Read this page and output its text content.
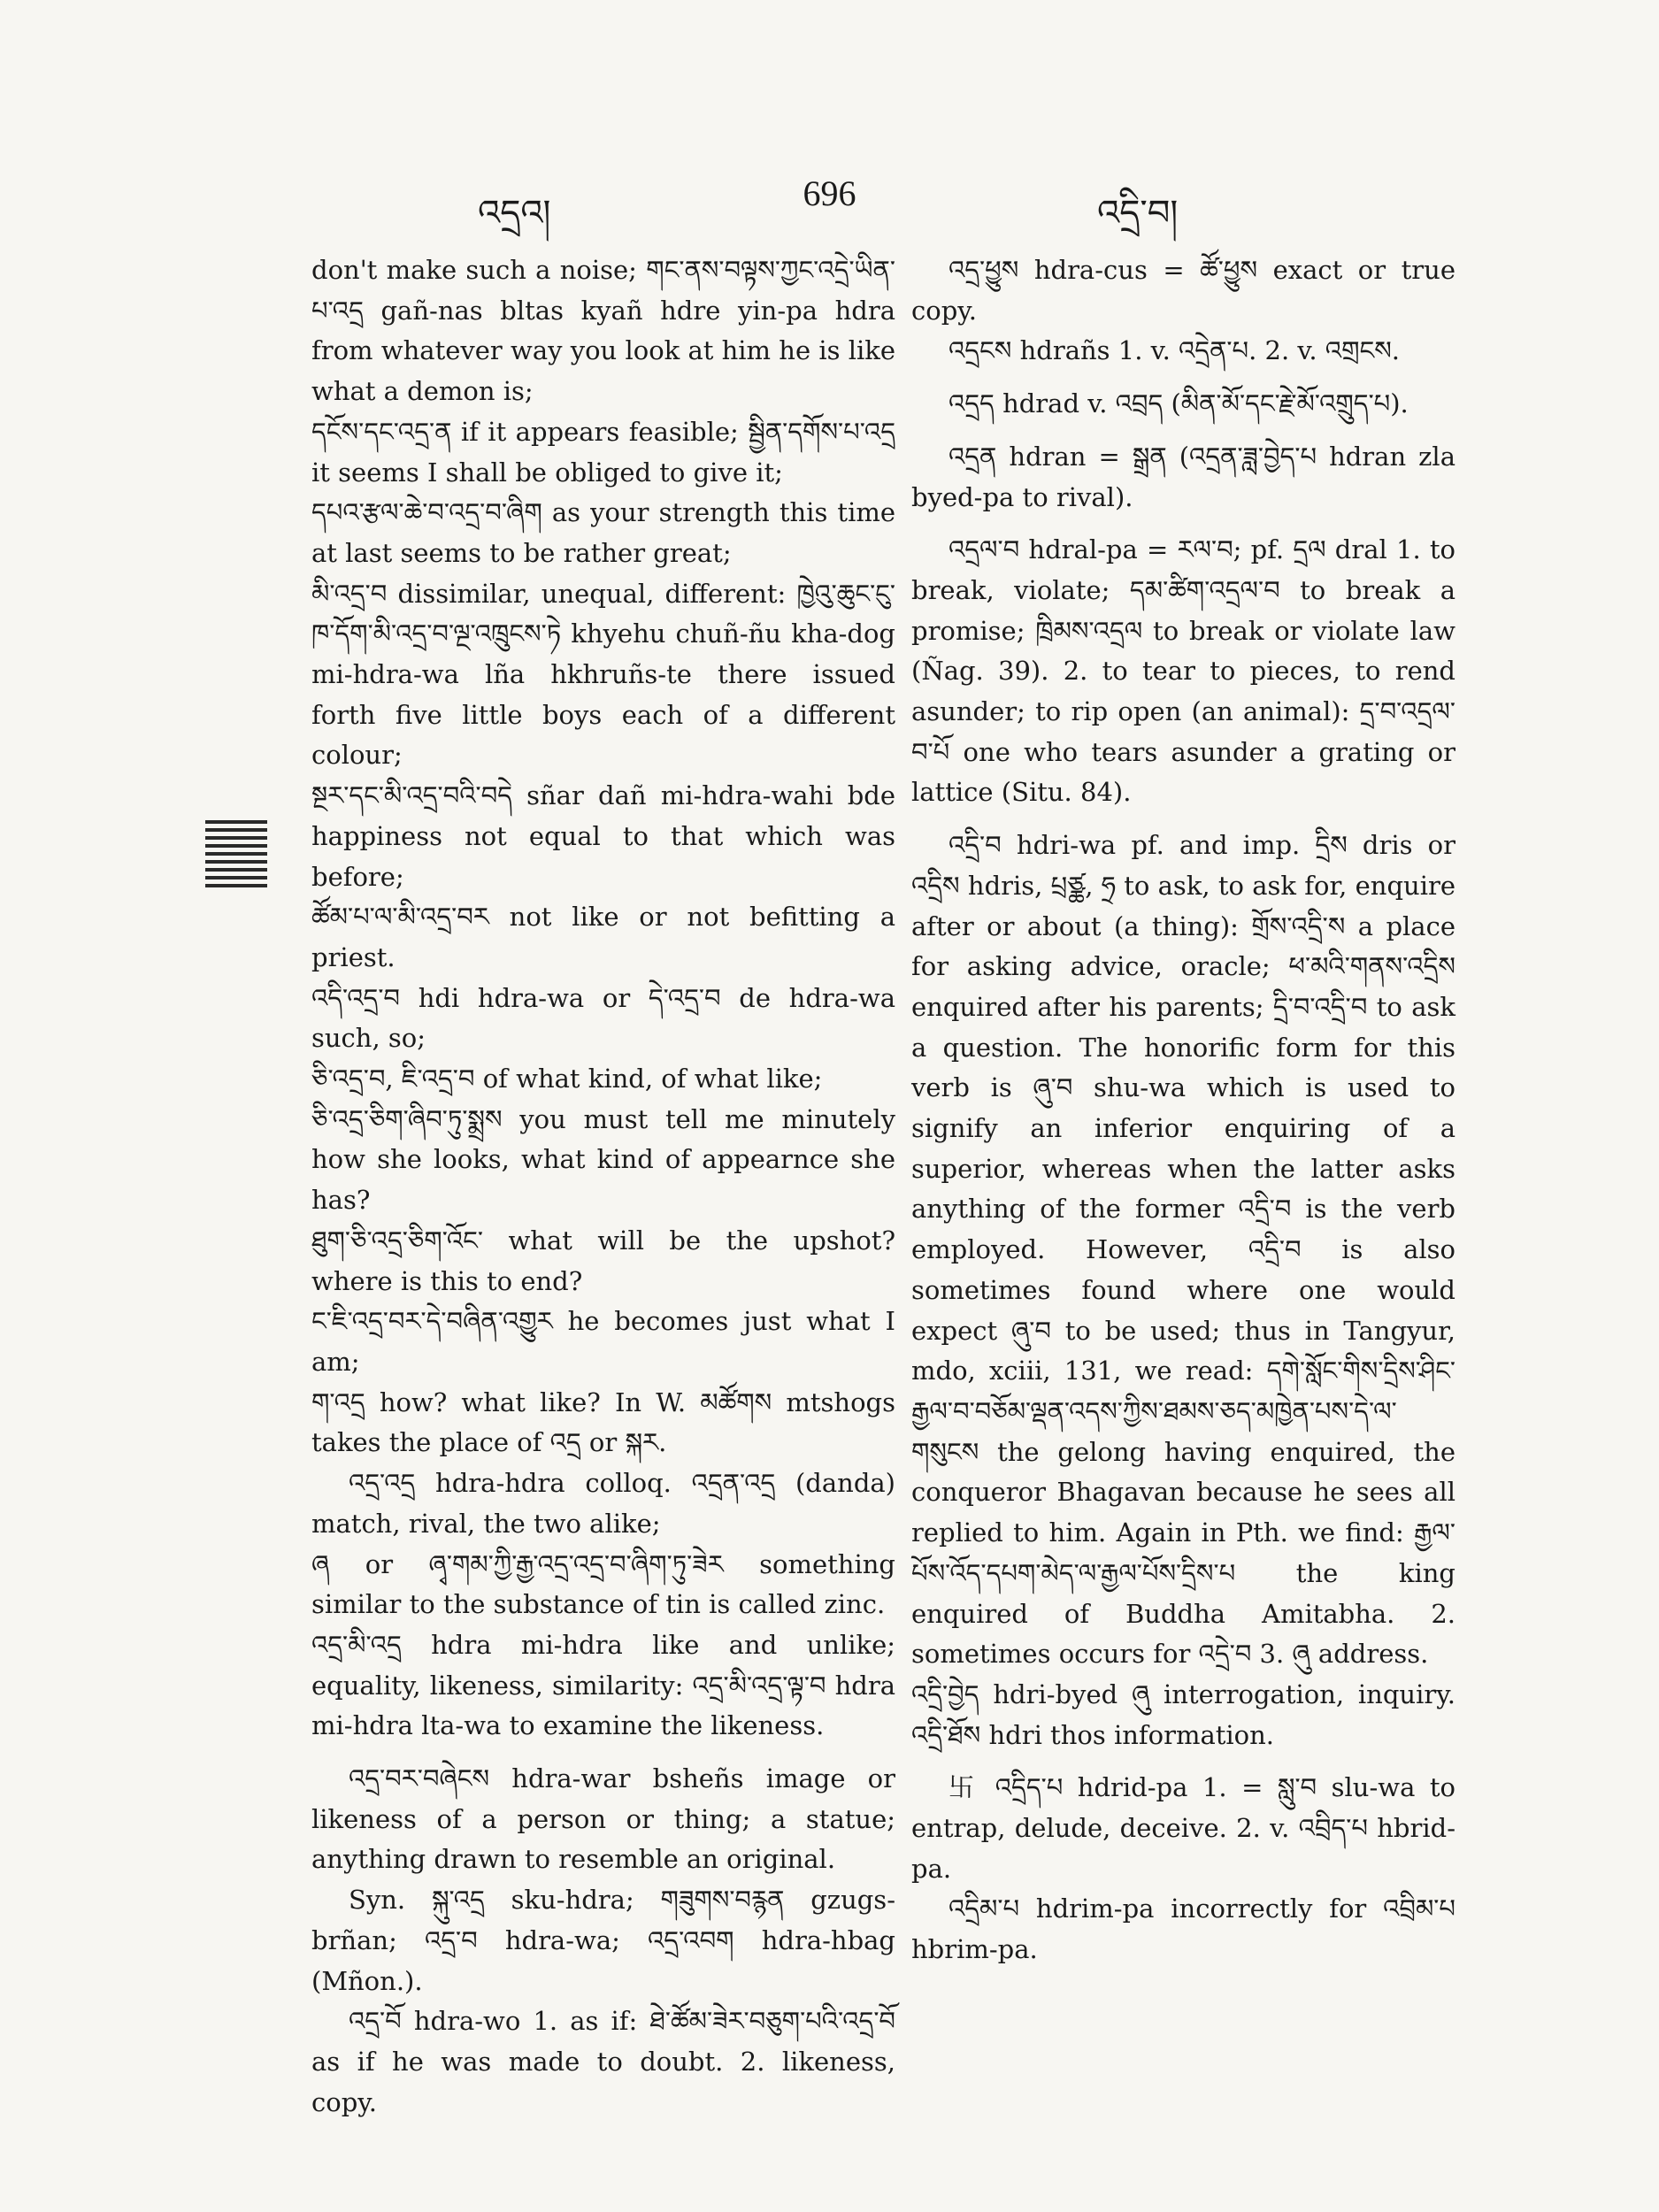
འདྲའ།	696	འདྲི་བ།

don't make such a noise; གང་ནས་བལྟས་ཀྱང་འདྲེ་ཡིན་པ་འདྲ gañ-nas bltas kyañ hdre yin-pa hdra from whatever way you look at him he is like what a demon is;

དངོས་དང་འདྲ་ན if it appears feasible; སྦྱིན་དགོས་པ་འདྲ it seems I shall be obliged to give it;

དཔའ་རྩལ་ཆེ་བ་འདྲ་བ་ཞིག as your strength this time at last seems to be rather great;

མི་འདྲ་བ dissimilar, unequal, different: ཁྱེའུ་ཆུང་ངུ་ཁ་དོག་མི་འདྲ་བ་ལྔ་འཁྲུངས་ཏེ khyehu chuñ-ñu kha-dog mi-hdra-wa lña hkhruñs-te there issued forth five little boys each of a different colour;

སྔར་དང་མི་འདྲ་བའི་བདེ sñar dañ mi-hdra-wahi bde happiness not equal to that which was before;

ཚོམ་པ་ལ་མི་འདྲ་བར not like or not befitting a priest.

འདི་འདྲ་བ hdi hdra-wa or དེ་འདྲ་བ de hdra-wa such, so;

ཅི་འདྲ་བ, ཇི་འདྲ་བ of what kind, of what like;

ཅི་འདྲ་ཅིག་ཞིབ་ཏུ་སྨྲས you must tell me minutely how she looks, what kind of appearnce she has?

ཐུག་ཅི་འདྲ་ཅིག་འོང་ what will be the upshot? where is this to end?

ང་ཇི་འདྲ་བར་དེ་བཞིན་འགྱུར he becomes just what I am;

ག་འདྲ how? what like? In W. མཚོགས mtshogs takes the place of འདྲ or སྐར.

འདྲ་འདྲ hdra-hdra colloq. འདྲན་འདྲ (danda) match, rival, the two alike;

ཞ or ཞྭ་གམ་ཀྱི་རྒྱ་འདྲ་འདྲ་བ་ཞིག་ཏུ་ཟེར something similar to the substance of tin is called zinc.

འདྲ་མི་འདྲ hdra mi-hdra like and unlike; equality, likeness, similarity: འདྲ་མི་འདྲ་ལྟ་བ hdra mi-hdra lta-wa to examine the likeness.

འདྲ་བར་བཞེངས hdra-war bsheñs image or likeness of a person or thing; a statue; anything drawn to resemble an original.

Syn. སྐུ་འདྲ sku-hdra; གཟུགས་བརྙན gzugs-brñan; འདྲ་བ hdra-wa; འདྲ་འབག hdra-hbag (Mñon.).

འདྲ་བོ hdra-wo 1. as if: ཐེ་ཚོམ་ཟེར་བཅུག་པའི་འདྲ་བོ as if he was made to doubt. 2. likeness, copy.

འདྲ་ཕྱུས hdra-cus = ཚོ་ཕྱུས exact or true copy.

འདྲངས hdrañs 1. v. འདྲེན་པ. 2. v. འགྲངས.

འདྲད hdrad v. འབྲད (མིན་མོ་དང་རྗེ་མོ་འགྲུད་པ).

འདྲན hdran = སྒྲན (འདྲན་ཟླ་བྱེད་པ hdran zla byed-pa to rival).

འདྲལ་བ hdral-pa = རལ་བ; pf. དྲལ dral 1. to break, violate; དམ་ཚིག་འདྲལ་བ to break a promise; ཁྲིམས་འདྲལ to break or violate law (Ñag. 39). 2. to tear to pieces, to rend asunder; to rip open (an animal): དྲ་བ་འདྲལ་བ་པོ one who tears asunder a grating or lattice (Situ. 84).

འདྲི་བ hdri-wa pf. and imp. དྲིས dris or འདྲིས hdris, པྲཙྪ, ཧྲ to ask, to ask for, enquire after or about (a thing): གྲོས་འདྲི་ས a place for asking advice, oracle; ཕ་མའི་གནས་འདྲིས enquired after his parents; དྲི་བ་འདྲི་བ to ask a question. The honorific form for this verb is ཞུ་བ shu-wa which is used to signify an inferior enquiring of a superior, whereas when the latter asks anything of the former འདྲི་བ is the verb employed. However, འདྲི་བ is also sometimes found where one would expect ཞུ་བ to be used; thus in Tangyur, mdo, xciii, 131, we read: དགེ་སློང་གིས་དྲིས་ཤིང་རྒྱལ་བ་བཅོམ་ལྡན་འདས་ཀྱིས་ཐམས་ཅད་མཁྱེན་པས་དེ་ལ་གསུངས the gelong having enquired, the conqueror Bhagavan because he sees all replied to him. Again in Pth. we find: རྒྱལ་པོས་འོད་དཔག་མེད་ལ་རྒྱལ་པོས་དྲིས་པ the king enquired of Buddha Amitabha. 2. sometimes occurs for འདྲེ་བ 3. ཞུ address.

འདྲི་བྱེད hdri-byed ཞུ interrogation, inquiry. འདྲི་ཐོས hdri thos information.

卐 འདྲིད་པ hdrid-pa 1. = སླུ་བ slu-wa to entrap, delude, deceive. 2. v. འབྲིད་པ hbrid-pa.

འདྲིམ་པ hdrim-pa incorrectly for འབྲིམ་པ hbrim-pa.
